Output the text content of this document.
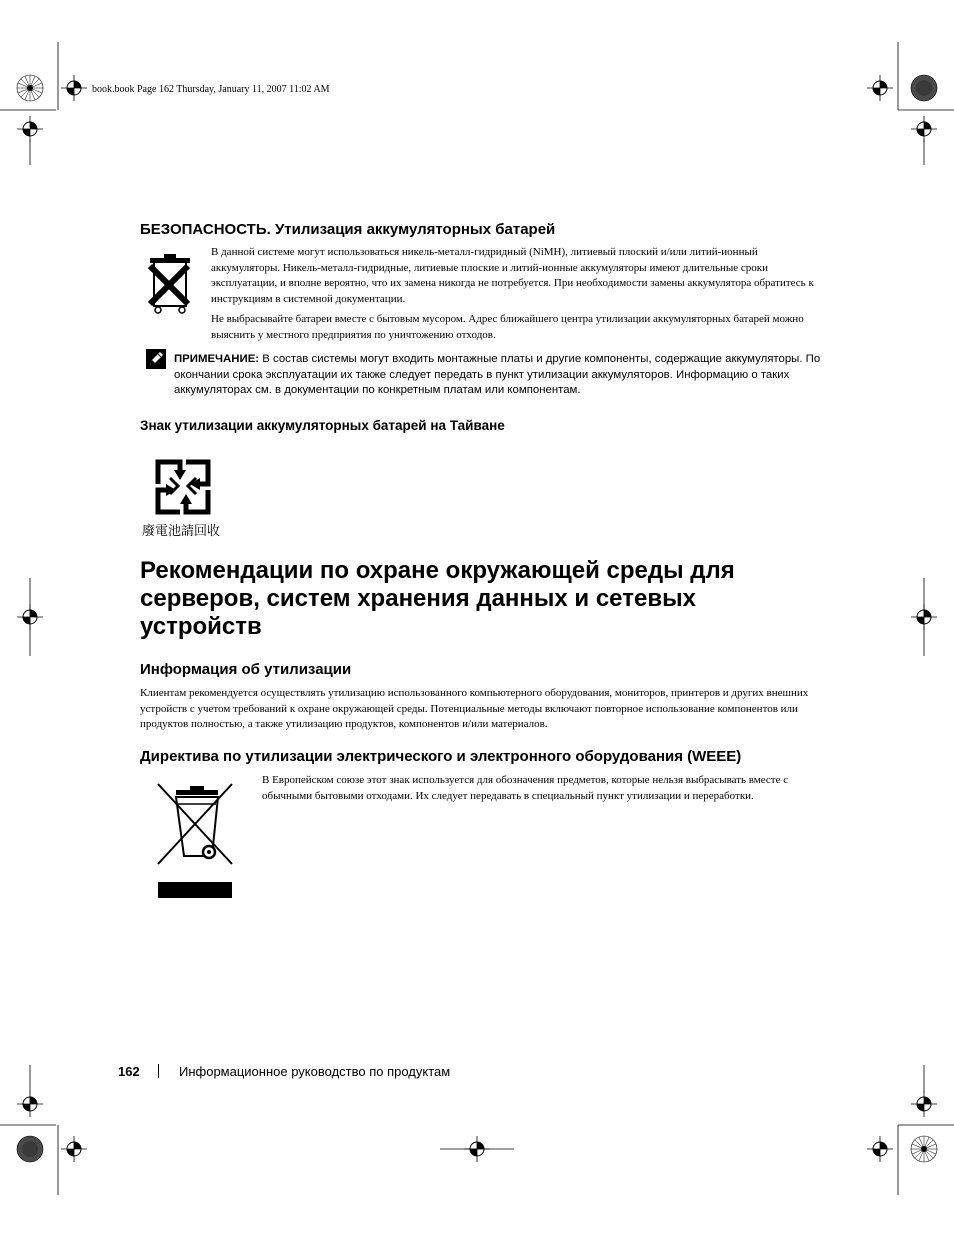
book.book Page 162 Thursday, January 11, 2007 11:02 AM
БЕЗОПАСНОСТЬ. Утилизация аккумуляторных батарей
В данной системе могут использоваться никель-металл-гидридный (NiMH), литиевый плоский и/или литий-ионный аккумуляторы. Никель-металл-гидридные, литиевые плоские и литий-ионные аккумуляторы имеют длительные сроки эксплуатации, и вполне вероятно, что их замена никогда не потребуется. При необходимости замены аккумулятора обратитесь к инструкциям в системной документации.
Не выбрасывайте батареи вместе с бытовым мусором. Адрес ближайшего центра утилизации аккумуляторных батарей можно выяснить у местного предприятия по уничтожению отходов.
ПРИМЕЧАНИЕ: В состав системы могут входить монтажные платы и другие компоненты, содержащие аккумуляторы. По окончании срока эксплуатации их также следует передать в пункт утилизации аккумуляторов. Информацию о таких аккумуляторах см. в документации по конкретным платам или компонентам.
Знак утилизации аккумуляторных батарей на Тайване
廢電池請回收
Рекомендации по охране окружающей среды для серверов, систем хранения данных и сетевых устройств
Информация об утилизации
Клиентам рекомендуется осуществлять утилизацию использованного компьютерного оборудования, мониторов, принтеров и других внешних устройств с учетом требований к охране окружающей среды. Потенциальные методы включают повторное использование компонентов или продуктов полностью, а также утилизацию продуктов, компонентов и/или материалов.
Директива по утилизации электрического и электронного оборудования (WEEE)
В Европейском союзе этот знак используется для обозначения предметов, которые нельзя выбрасывать вместе с обычными бытовыми отходами. Их следует передавать в специальный пункт утилизации и переработки.
162	Информационное руководство по продуктам
